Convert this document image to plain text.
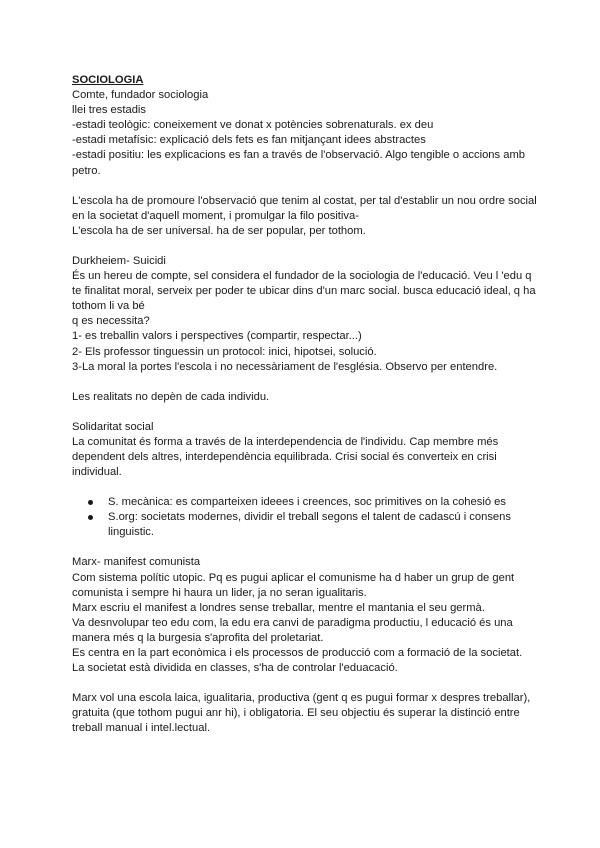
SOCIOLOGIA

Comte, fundador sociologia

llei tres estadis

-estadi teològic: coneixement ve donat x potències sobrenaturals. ex deu

-estadi metafísic: explicació dels fets es fan mitjançant idees abstractes

-estadi positiu: les explicacions es fan a través de l'observació. Algo tengible o accions amb petro.

L'escola ha de promoure l'observació que tenim al costat, per tal d'establir un nou ordre social en la societat d'aquell moment, i promulgar la filo positiva-

L'escola ha de ser universal. ha de ser popular, per tothom.

Durkheiem- Suicidi

És un hereu de compte, sel considera el fundador de la sociologia de l'educació. Veu l 'edu q te finalitat moral, serveix per poder te ubicar dins d'un marc social. busca educació ideal, q ha tothom li va bé

q es necessita?

1- es treballin valors i perspectives (compartir, respectar...)

2- Els professor tinguessin un protocol: inici, hipotsei, solució.

3-La moral la portes l'escola i no necessàriament de l'església. Observo per entendre.

Les realitats no depèn de cada individu.

Solidaritat social

La comunitat és forma a través de la interdependencia de l'individu. Cap membre més dependent dels altres, interdependència equilibrada. Crisi social és converteix en crisi individual.

S. mecànica: es comparteixen ideees i creences, soc primitives on la cohesió es
S.org: societats modernes, dividir el treball segons el talent de cadascú i consens linguistic.

Marx- manifest comunista

Com sistema polític utopic. Pq es pugui aplicar el comunisme ha d haber un grup de gent comunista i sempre hi haura un lider, ja no seran igualitaris.

Marx escriu el manifest a londres sense treballar, mentre el mantania el seu germà.

Va desnvolupar teo edu com, la edu era canvi de paradigma productiu, l educació és una manera més q la burgesia s'aprofita del proletariat.

Es centra en la part econòmica i els processos de producció com a formació de la societat.

La societat està dividida en classes, s'ha de controlar l'eduacació.

Marx vol una escola laica, igualitaria, productiva (gent q es pugui formar x despres treballar), gratuita (que tothom pugui anr hi), i obligatoria. El seu objectiu és superar la distinció entre treball manual i intel.lectual.
